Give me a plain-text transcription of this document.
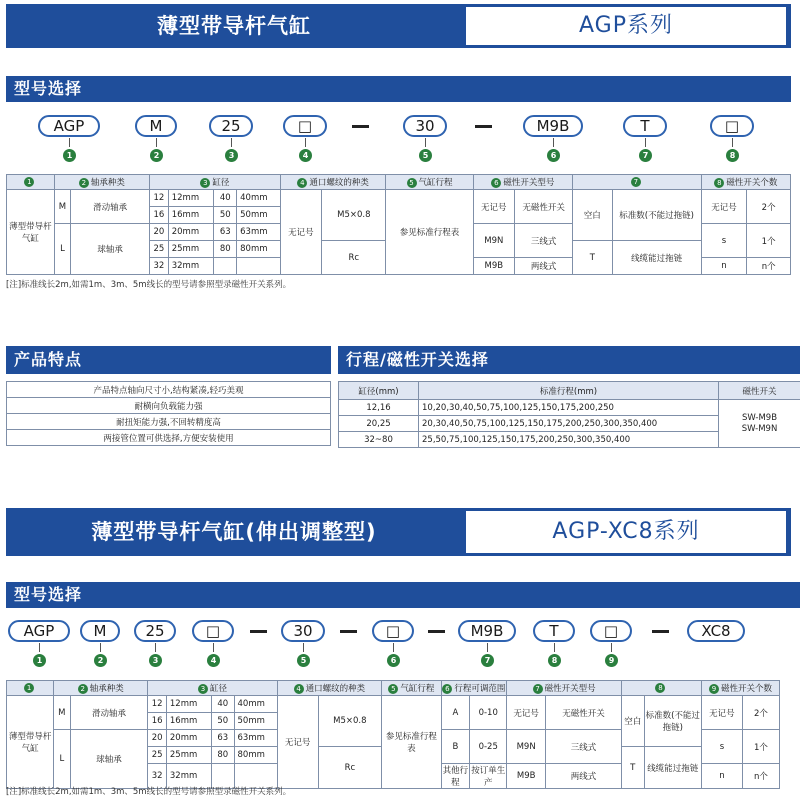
薄型带导杆气缸	AGP系列
型号选择
AGP	M	25	□	30	M9B	T	□
1	2	3	4	5	6	7	8
1	2 轴承种类		3 缸径				4 通口螺纹的种类		5 气缸行程	6 磁性开关型号		7		8 磁性开关个数	
薄型带导杆气缸	M	滑动轴承	12	12mm	40	40mm	无记号	M5×0.8	参见标准行程表	无记号	无磁性开关	空白	标准数(不能过拖链)	无记号	2个
			16	16mm	50	50mm									
	L	球轴承	20	20mm	63	63mm				M9N	三线式			s	1个
			25	25mm	80	80mm		Rc				T	线缆能过拖链		
			32	32mm						M9B	两线式			n	n个
[注]标准线长2m,如需1m、3m、5m线长的型号请参照型录磁性开关系列。
产品特点
产品特点轴向尺寸小,结构紧凑,轻巧美观
耐横向负载能力强
耐扭矩能力强,不回转精度高
两接管位置可供选择,方便安装使用
行程/磁性开关选择
缸径(mm)	标准行程(mm)	磁性开关
12,16	10,20,30,40,50,75,100,125,150,175,200,250	SW-M9B
SW-M9N

20,25	20,30,40,50,75,100,125,150,175,200,250,300,350,400	
32~80	25,50,75,100,125,150,175,200,250,300,350,400	
薄型带导杆气缸(伸出调整型)	AGP-XC8系列
型号选择
AGP	M	25	□	30	□	M9B	T	□	XC8
1	2	3	4	5	6	7	8	9
1	2 轴承种类		3 缸径				4 通口螺纹的种类		5 气缸行程	6 行程可调范围		7 磁性开关型号		8		9 磁性开关个数	
薄型带导杆气缸	M	滑动轴承	12	12mm	40	40mm	无记号	M5×0.8	参见标准行程表	A	0-10	无记号	无磁性开关	空白	标准数(不能过拖链)	无记号	2个
			16	16mm	50	50mm											
	L	球轴承	20	20mm	63	63mm				B	0-25	M9N	三线式			s	1个
			25	25mm	80	80mm		Rc						T	线缆能过拖链		
			32	32mm						其他行程	按订单生产	M9B	两线式			n	n个
[注]标准线长2m,如需1m、3m、5m线长的型号请参照型录磁性开关系列。
